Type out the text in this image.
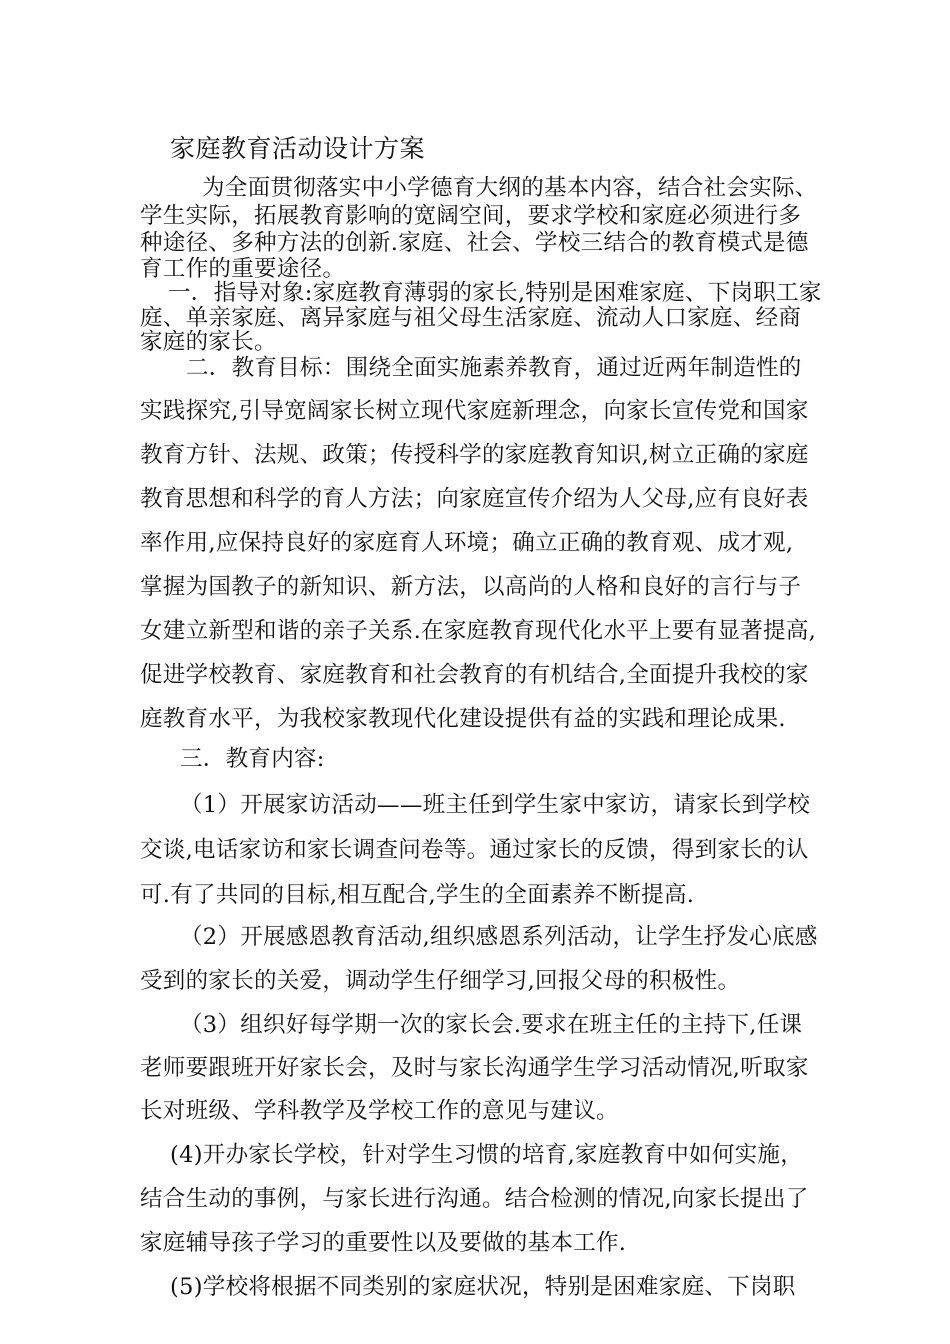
家庭教育活动设计方案
为全面贯彻落实中小学德育大纲的基本内容，结合社会实际、
学生实际，拓展教育影响的宽阔空间，要求学校和家庭必须进行多
种途径、多种方法的创新.家庭、社会、学校三结合的教育模式是德
育工作的重要途径。
一．指导对象:家庭教育薄弱的家长,特别是困难家庭、下岗职工家
庭、单亲家庭、离异家庭与祖父母生活家庭、流动人口家庭、经商
家庭的家长。
二．教育目标：围绕全面实施素养教育，通过近两年制造性的
实践探究,引导宽阔家长树立现代家庭新理念，向家长宣传党和国家
教育方针、法规、政策；传授科学的家庭教育知识,树立正确的家庭
教育思想和科学的育人方法；向家庭宣传介绍为人父母,应有良好表
率作用,应保持良好的家庭育人环境；确立正确的教育观、成才观,
掌握为国教子的新知识、新方法，以高尚的人格和良好的言行与子
女建立新型和谐的亲子关系.在家庭教育现代化水平上要有显著提高,
促进学校教育、家庭教育和社会教育的有机结合,全面提升我校的家
庭教育水平，为我校家教现代化建设提供有益的实践和理论成果.
三．教育内容:
（1）开展家访活动——班主任到学生家中家访，请家长到学校
交谈,电话家访和家长调查问卷等。通过家长的反馈，得到家长的认
可.有了共同的目标,相互配合,学生的全面素养不断提高.
（2）开展感恩教育活动,组织感恩系列活动，让学生抒发心底感
受到的家长的关爱，调动学生仔细学习,回报父母的积极性。
（3）组织好每学期一次的家长会.要求在班主任的主持下,任课
老师要跟班开好家长会，及时与家长沟通学生学习活动情况,听取家
长对班级、学科教学及学校工作的意见与建议。
(4)开办家长学校，针对学生习惯的培育,家庭教育中如何实施，
结合生动的事例，与家长进行沟通。结合检测的情况,向家长提出了
家庭辅导孩子学习的重要性以及要做的基本工作.
(5)学校将根据不同类别的家庭状况，特别是困难家庭、下岗职
